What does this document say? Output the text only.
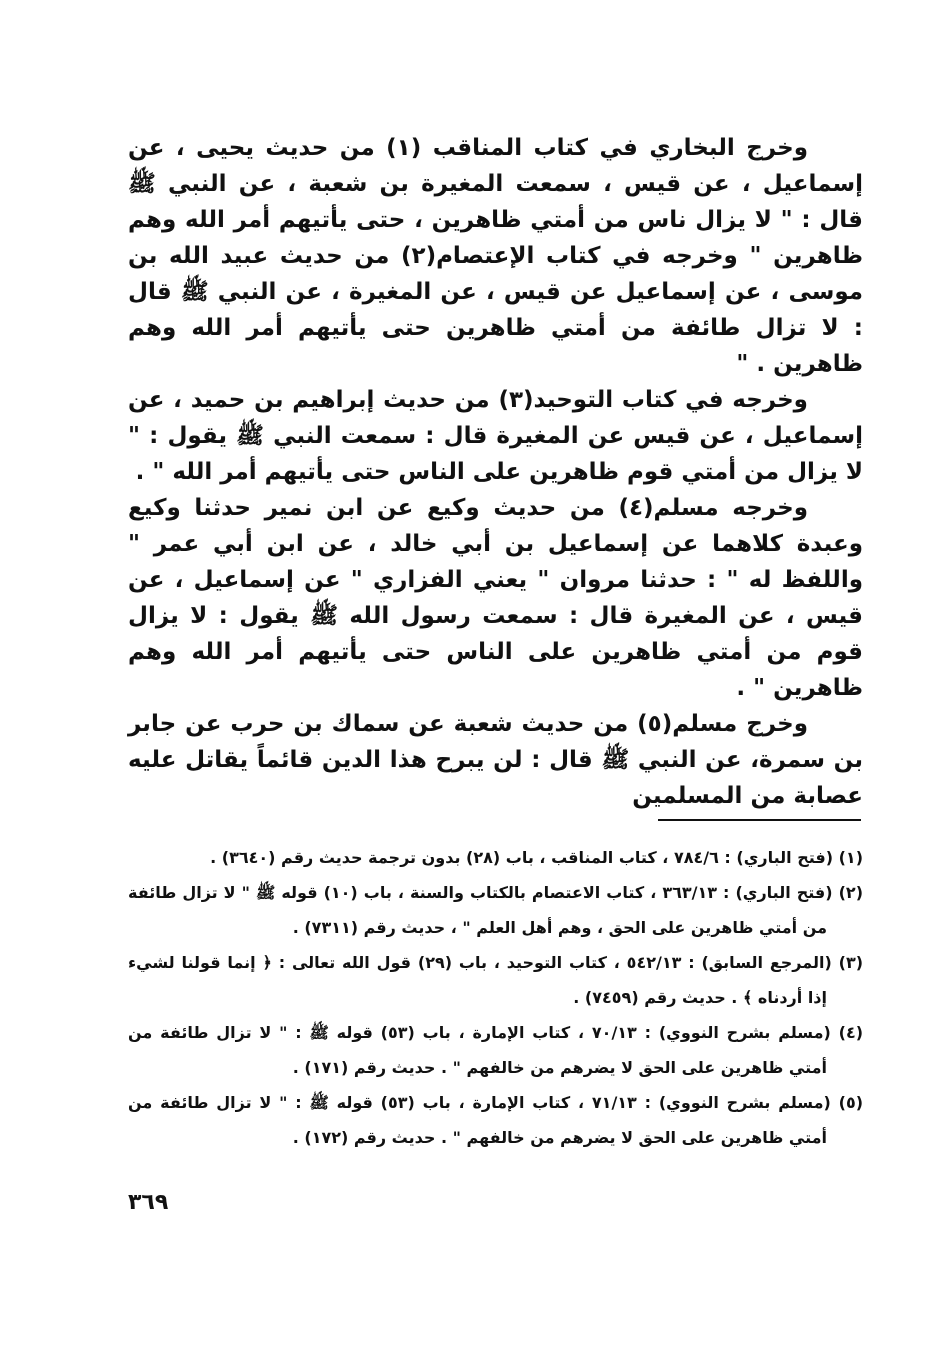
وخرج البخاري في كتاب المناقب (١) من حديث يحيى ، عن إسماعيل ، عن قيس ، سمعت المغيرة بن شعبة ، عن النبي ﷺ قال : " لا يزال ناس من أمتي ظاهرين ، حتى يأتيهم أمر الله وهم ظاهرين " وخرجه في كتاب الإعتصام(٢) من حديث عبيد الله بن موسى ، عن إسماعيل عن قيس ، عن المغيرة ، عن النبي ﷺ قال : لا تزال طائفة من أمتي ظاهرين حتى يأتيهم أمر الله وهم ظاهرين . "

وخرجه في كتاب التوحيد(٣) من حديث إبراهيم بن حميد ، عن إسماعيل ، عن قيس عن المغيرة قال : سمعت النبي ﷺ يقول : " لا يزال من أمتي قوم ظاهرين على الناس حتى يأتيهم أمر الله " .

وخرجه مسلم(٤) من حديث وكيع عن ابن نمير حدثنا وكيع وعبدة كلاهما عن إسماعيل بن أبي خالد ، عن ابن أبي عمر " واللفظ له " : حدثنا مروان " يعني الفزاري " عن إسماعيل ، عن قيس ، عن المغيرة قال : سمعت رسول الله ﷺ يقول : لا يزال قوم من أمتي ظاهرين على الناس حتى يأتيهم أمر الله وهم ظاهرين " .

وخرج مسلم(٥) من حديث شعبة عن سماك بن حرب عن جابر بن سمرة، عن النبي ﷺ قال : لن يبرح هذا الدين قائماً يقاتل عليه عصابة من المسلمين

(١) (فتح الباري) : ٧٨٤/٦ ، كتاب المناقب ، باب (٢٨) بدون ترجمة حديث رقم (٣٦٤٠) .

(٢) (فتح الباري) : ٣٦٣/١٣ ، كتاب الاعتصام بالكتاب والسنة ، باب (١٠) قوله ﷺ " لا تزال طائفة من أمتي ظاهرين على الحق ، وهم أهل العلم " ، حديث رقم (٧٣١١) .

(٣) (المرجع السابق) : ٥٤٢/١٣ ، كتاب التوحيد ، باب (٢٩) قول الله تعالى : ﴿ إنما قولنا لشيء إذا أردناه ﴾ . حديث رقم (٧٤٥٩) .

(٤) (مسلم بشرح النووي) : ٧٠/١٣ ، كتاب الإمارة ، باب (٥٣) قوله ﷺ : " لا تزال طائفة من أمتي ظاهرين على الحق لا يضرهم من خالفهم " . حديث رقم (١٧١) .

(٥) (مسلم بشرح النووي) : ٧١/١٣ ، كتاب الإمارة ، باب (٥٣) قوله ﷺ : " لا تزال طائفة من أمتي ظاهرين على الحق لا يضرهم من خالفهم " . حديث رقم (١٧٢) .

٣٦٩
